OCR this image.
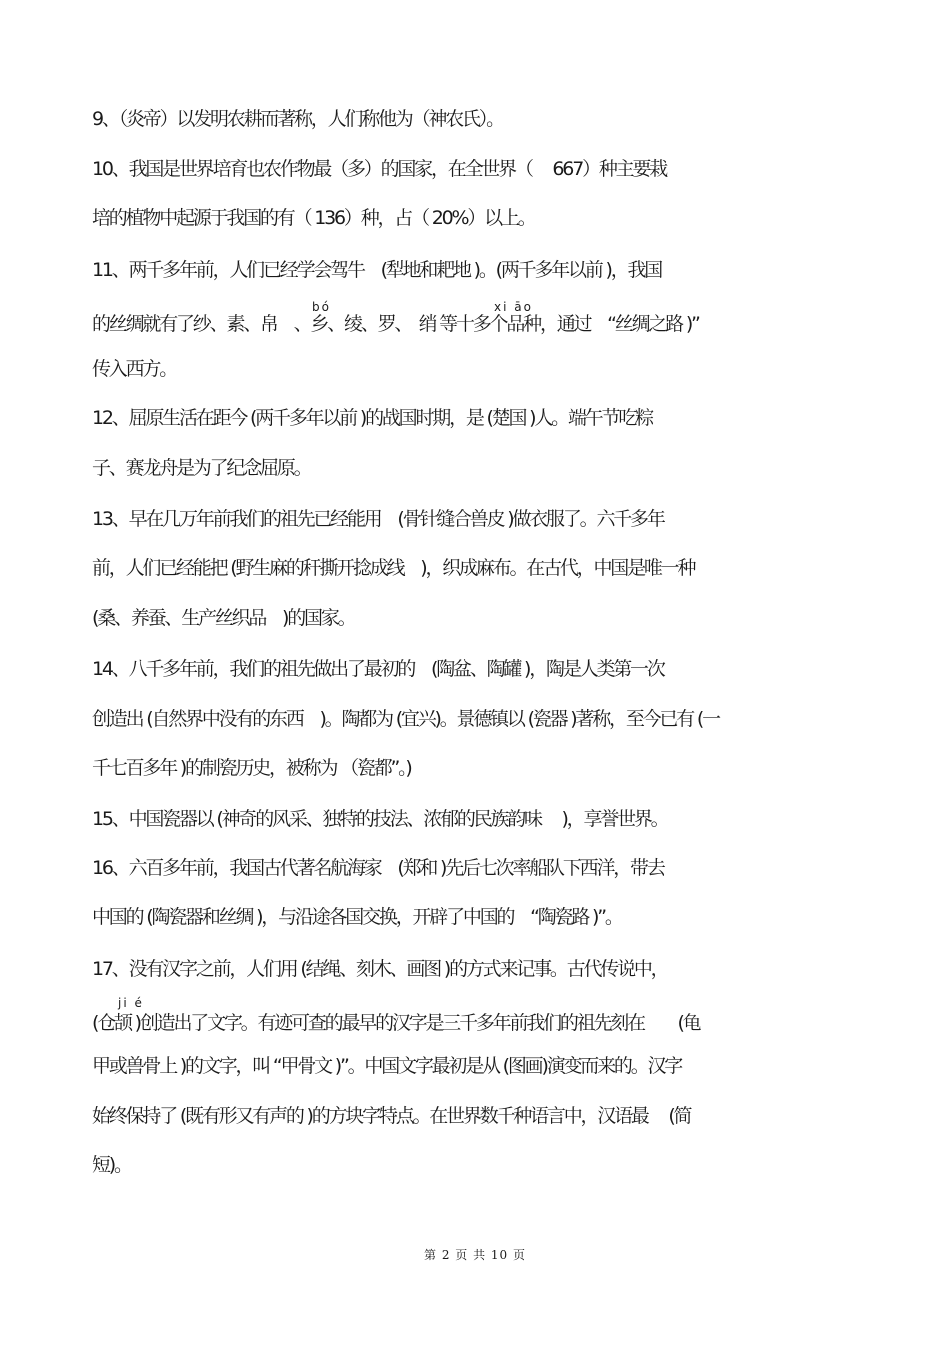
9、（炎帝）以发明农耕而著称，人们称他为（神农氏）。
10、我国是世界培育也农作物最（多）的国家，在全世界（　 667）种主要栽
培的植物中起源于我国的有（ 136）种，占（ 20%）以上。
11、两千多年前，人们已经学会驾牛　(犁地和耙地 )。(两千多年以前 )，我国
bó	xi āo
的丝绸就有了纱、素、帛　、乡、绫、罗、　绡 等十多个品种，通过　“丝绸之路 )”
传入西方。
12、屈原生活在距今 (两千多年以前 )的战国时期，是 (楚国 )人。端午节吃粽
子、赛龙舟是为了纪念屈原。
13、早在几万年前我们的祖先已经能用　(骨针缝合兽皮 )做衣服了。六千多年
前，人们已经能把 (野生麻的秆撕开捻成线　)，织成麻布。在古代，中国是唯一种
(桑、养蚕、生产丝织品　)的国家。
14、八千多年前，我们的祖先做出了最初的　(陶盆、陶罐 )，陶是人类第一次
创造出 (自然界中没有的东西　)。陶都为 (宜兴)。景德镇以 (瓷器 )著称，至今已有 (一
千七百多年 )的制瓷历史，被称为 （瓷都”。)
15、中国瓷器以 (神奇的风采、独特的技法、浓郁的民族韵味　 )，享誉世界。
16、六百多年前，我国古代著名航海家　(郑和 )先后七次率船队下西洋，带去
中国的 (陶瓷器和丝绸 )，与沿途各国交换，开辟了中国的　“陶瓷路 )”。
17、没有汉字之前，人们用 (结绳、刻木、画图 )的方式来记事。古代传说中，
ji é
(仓颉 )创造出了文字。有迹可查的最早的汉字是三千多年前我们的祖先刻在　　(龟
甲或兽骨上 )的文字，叫 “甲骨文 )”。中国文字最初是从 (图画)演变而来的。汉字
始终保持了 (既有形又有声的 )的方块字特点。在世界数千种语言中，汉语最　 (简
短)。
第 2 页 共 10 页
